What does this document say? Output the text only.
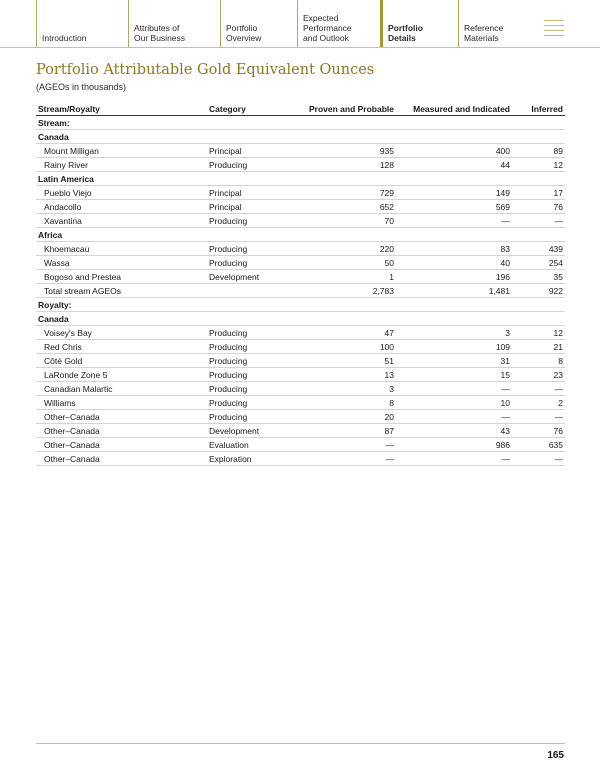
Introduction
Attributes of
Our Business
Portfolio
Overview
Expected
Performance
and Outlook
Portfolio
Details
Reference
Materials
Portfolio Attributable Gold Equivalent Ounces
(AGEOs in thousands)
Stream/Royalty	Category	Proven and Probable	Measured and Indicated	Inferred
Stream:				
Canada				
Mount Milligan	Principal	935	400	89
Rainy River	Producing	128	44	12
Latin America				
Pueblo Viejo	Principal	729	149	17
Andacollo	Principal	652	569	76
Xavantina	Producing	70	—	—
Africa				
Khoemacau	Producing	220	83	439
Wassa	Producing	50	40	254
Bogoso and Prestea	Development	1	196	35
Total stream AGEOs		2,783	1,481	922
Royalty:				
Canada				
Voisey's Bay	Producing	47	3	12
Red Chris	Producing	100	109	21
Côté Gold	Producing	51	31	8
LaRonde Zone 5	Producing	13	15	23
Canadian Malartic	Producing	3	—	—
Williams	Producing	8	10	2
Other–Canada	Producing	20	—	—
Other–Canada	Development	87	43	76
Other–Canada	Evaluation	—	986	635
Other–Canada	Exploration	—	—	—
165
